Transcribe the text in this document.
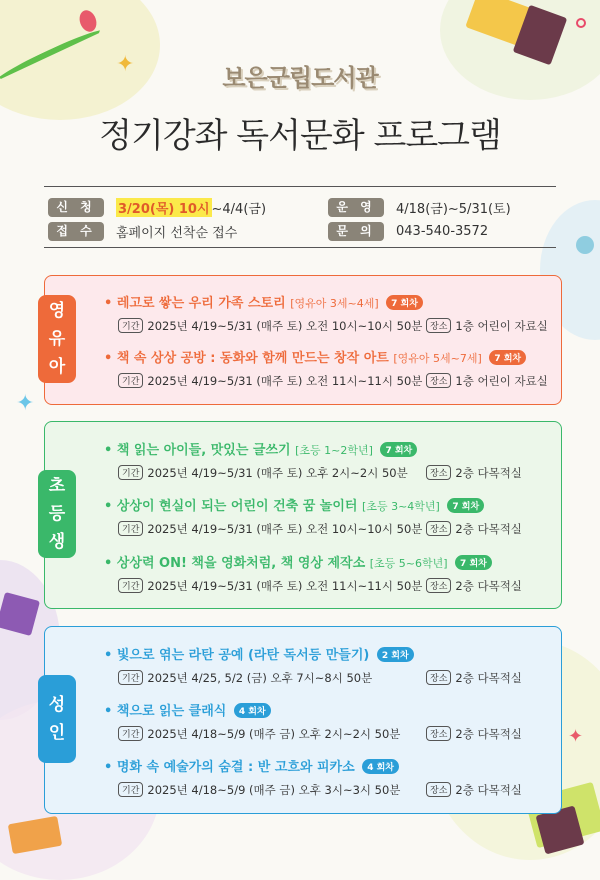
✦
✦
✦
보은군립도서관
정기강좌 독서문화 프로그램
신 청	3/20(목) 10시 ~4/4(금)
접 수	홈페이지 선착순 접수
운 영	4/18(금)~5/31(토)
문 의	043-540-3572
영
유
아
• 레고로 쌓는 우리 가족 스토리 [영유아 3세~4세] 7 회차
기간 2025년 4/19~5/31 (매주 토) 오전 10시~10시 50분 장소 1층 어린이 자료실
• 책 속 상상 공방 : 동화와 함께 만드는 창작 아트 [영유아 5세~7세] 7 회차
기간 2025년 4/19~5/31 (매주 토) 오전 11시~11시 50분 장소 1층 어린이 자료실
초
등
생
• 책 읽는 아이들, 맛있는 글쓰기 [초등 1~2학년] 7 회차
기간 2025년 4/19~5/31 (매주 토) 오후 2시~2시 50분	장소 2층 다목적실
• 상상이 현실이 되는 어린이 건축 꿈 놀이터 [초등 3~4학년] 7 회차
기간 2025년 4/19~5/31 (매주 토) 오전 10시~10시 50분 장소 2층 다목적실
• 상상력 ON! 책을 영화처럼, 책 영상 제작소 [초등 5~6학년] 7 회차
기간 2025년 4/19~5/31 (매주 토) 오전 11시~11시 50분 장소 2층 다목적실
성
인
• 빛으로 엮는 라탄 공예 (라탄 독서등 만들기) 2 회차
기간 2025년 4/25, 5/2 (금) 오후 7시~8시 50분	장소 2층 다목적실
• 책으로 읽는 클래식 4 회차
기간 2025년 4/18~5/9 (매주 금) 오후 2시~2시 50분	장소 2층 다목적실
• 명화 속 예술가의 숨결 : 반 고흐와 피카소 4 회차
기간 2025년 4/18~5/9 (매주 금) 오후 3시~3시 50분	장소 2층 다목적실
